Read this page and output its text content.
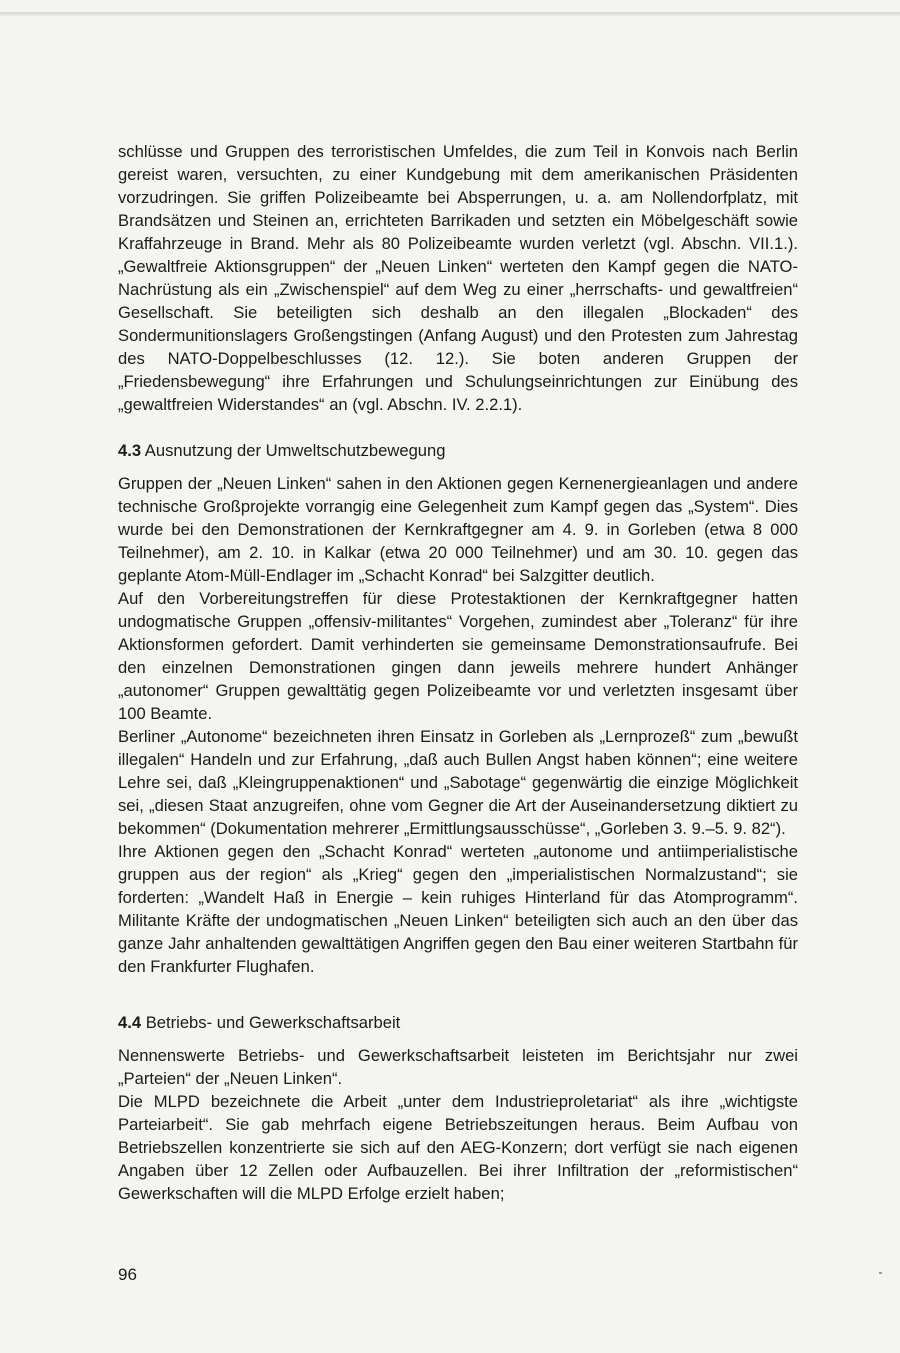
schlüsse und Gruppen des terroristischen Umfeldes, die zum Teil in Konvois nach Berlin gereist waren, versuchten, zu einer Kundgebung mit dem amerikanischen Präsidenten vorzudringen. Sie griffen Polizeibeamte bei Absperrungen, u. a. am Nollendorfplatz, mit Brandsätzen und Steinen an, errichteten Barrikaden und setzten ein Möbelgeschäft sowie Kraffahrzeuge in Brand. Mehr als 80 Polizeibeamte wurden verletzt (vgl. Abschn. VII.1.). „Gewaltfreie Aktionsgruppen“ der „Neuen Linken“ werteten den Kampf gegen die NATO-Nachrüstung als ein „Zwischenspiel“ auf dem Weg zu einer „herrschafts- und gewaltfreien“ Gesellschaft. Sie beteiligten sich deshalb an den illegalen „Blockaden“ des Sondermunitionslagers Großengstingen (Anfang August) und den Protesten zum Jahrestag des NATO-Doppelbeschlusses (12. 12.). Sie boten anderen Gruppen der „Friedensbewegung“ ihre Erfahrungen und Schulungseinrichtungen zur Einübung des „gewaltfreien Widerstandes“ an (vgl. Abschn. IV. 2.2.1).

4.3 Ausnutzung der Umweltschutzbewegung

Gruppen der „Neuen Linken“ sahen in den Aktionen gegen Kernenergieanlagen und andere technische Großprojekte vorrangig eine Gelegenheit zum Kampf gegen das „System“. Dies wurde bei den Demonstrationen der Kernkraftgegner am 4. 9. in Gorleben (etwa 8 000 Teilnehmer), am 2. 10. in Kalkar (etwa 20 000 Teilnehmer) und am 30. 10. gegen das geplante Atom-Müll-Endlager im „Schacht Konrad“ bei Salzgitter deutlich.

Auf den Vorbereitungstreffen für diese Protestaktionen der Kernkraftgegner hatten undogmatische Gruppen „offensiv-militantes“ Vorgehen, zumindest aber „Toleranz“ für ihre Aktionsformen gefordert. Damit verhinderten sie gemeinsame Demonstrationsaufrufe. Bei den einzelnen Demonstrationen gingen dann jeweils mehrere hundert Anhänger „autonomer“ Gruppen gewalttätig gegen Polizeibeamte vor und verletzten insgesamt über 100 Beamte.

Berliner „Autonome“ bezeichneten ihren Einsatz in Gorleben als „Lernprozeß“ zum „bewußt illegalen“ Handeln und zur Erfahrung, „daß auch Bullen Angst haben können“; eine weitere Lehre sei, daß „Kleingruppenaktionen“ und „Sabotage“ gegenwärtig die einzige Möglichkeit sei, „diesen Staat anzugreifen, ohne vom Gegner die Art der Auseinandersetzung diktiert zu bekommen“ (Dokumentation mehrerer „Ermittlungsausschüsse“, „Gorleben 3. 9.–5. 9. 82“).

Ihre Aktionen gegen den „Schacht Konrad“ werteten „autonome und antiimperialistische gruppen aus der region“ als „Krieg“ gegen den „imperialistischen Normalzustand“; sie forderten: „Wandelt Haß in Energie – kein ruhiges Hinterland für das Atomprogramm“. Militante Kräfte der undogmatischen „Neuen Linken“ beteiligten sich auch an den über das ganze Jahr anhaltenden gewalttätigen Angriffen gegen den Bau einer weiteren Startbahn für den Frankfurter Flughafen.

4.4 Betriebs- und Gewerkschaftsarbeit

Nennenswerte Betriebs- und Gewerkschaftsarbeit leisteten im Berichtsjahr nur zwei „Parteien“ der „Neuen Linken“.

Die MLPD bezeichnete die Arbeit „unter dem Industrieproletariat“ als ihre „wichtigste Parteiarbeit“. Sie gab mehrfach eigene Betriebszeitungen heraus. Beim Aufbau von Betriebszellen konzentrierte sie sich auf den AEG-Konzern; dort verfügt sie nach eigenen Angaben über 12 Zellen oder Aufbauzellen. Bei ihrer Infiltration der „reformistischen“ Gewerkschaften will die MLPD Erfolge erzielt haben;

96
